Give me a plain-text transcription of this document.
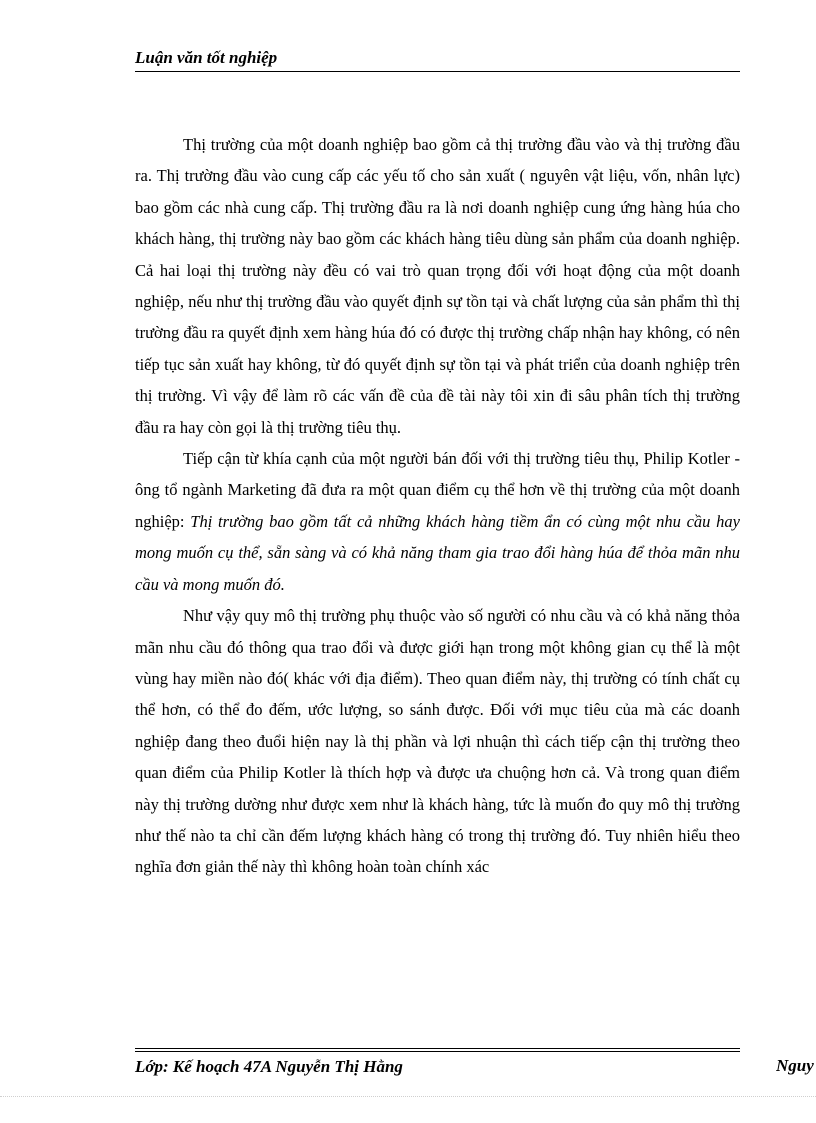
Luận văn tốt nghiệp

Thị trường của một doanh nghiệp bao gồm cả thị trường đầu vào và thị trường đầu ra. Thị trường đầu vào cung cấp các yếu tố cho sản xuất ( nguyên vật liệu, vốn, nhân lực) bao gồm các nhà cung cấp. Thị trường đầu ra là nơi doanh nghiệp cung ứng hàng húa cho khách hàng, thị trường này bao gồm các khách hàng tiêu dùng sản phẩm của doanh nghiệp. Cả hai loại thị trường này đều có vai trò quan trọng đối với hoạt động của một doanh nghiệp, nếu như thị trường đầu vào quyết định sự tồn tại và chất lượng của sản phẩm thì thị trường đầu ra quyết định xem hàng húa đó có được thị trường chấp nhận hay không, có nên tiếp tục sản xuất hay không, từ đó quyết định sự tồn tại và phát triển của doanh nghiệp trên thị trường. Vì vậy để làm rõ các vấn đề của đề tài này tôi xin đi sâu phân tích thị trường đầu ra hay còn gọi là thị trường tiêu thụ.

Tiếp cận từ khía cạnh của một người bán đối với thị trường tiêu thụ, Philip Kotler - ông tổ ngành Marketing đã đưa ra một quan điểm cụ thể hơn về thị trường của một doanh nghiệp: Thị trường bao gồm tất cả những khách hàng tiềm ẩn có cùng một nhu cầu hay mong muốn cụ thể, sẵn sàng và có khả năng tham gia trao đổi hàng húa để thỏa mãn nhu cầu và mong muốn đó.

Như vậy quy mô thị trường phụ thuộc vào số người có nhu cầu và có khả năng thỏa mãn nhu cầu đó thông qua trao đổi và được giới hạn trong một không gian cụ thể là một vùng hay miền nào đó( khác với địa điểm). Theo quan điểm này, thị trường có tính chất cụ thể hơn, có thể đo đếm, ước lượng, so sánh được. Đối với mục tiêu của mà các doanh nghiệp đang theo đuổi hiện nay là thị phần và lợi nhuận thì cách tiếp cận thị trường theo quan điểm của Philip Kotler là thích hợp và được ưa chuộng hơn cả. Và trong quan điểm này thị trường dường như được xem như là khách hàng, tức là muốn đo quy mô thị trường như thế nào ta chỉ cần đếm lượng khách hàng có trong thị trường đó. Tuy nhiên hiểu theo nghĩa đơn giản thế này thì không hoàn toàn chính xác

Lớp: Kế hoạch 47A Nguyễn Thị Hằng	Nguy
